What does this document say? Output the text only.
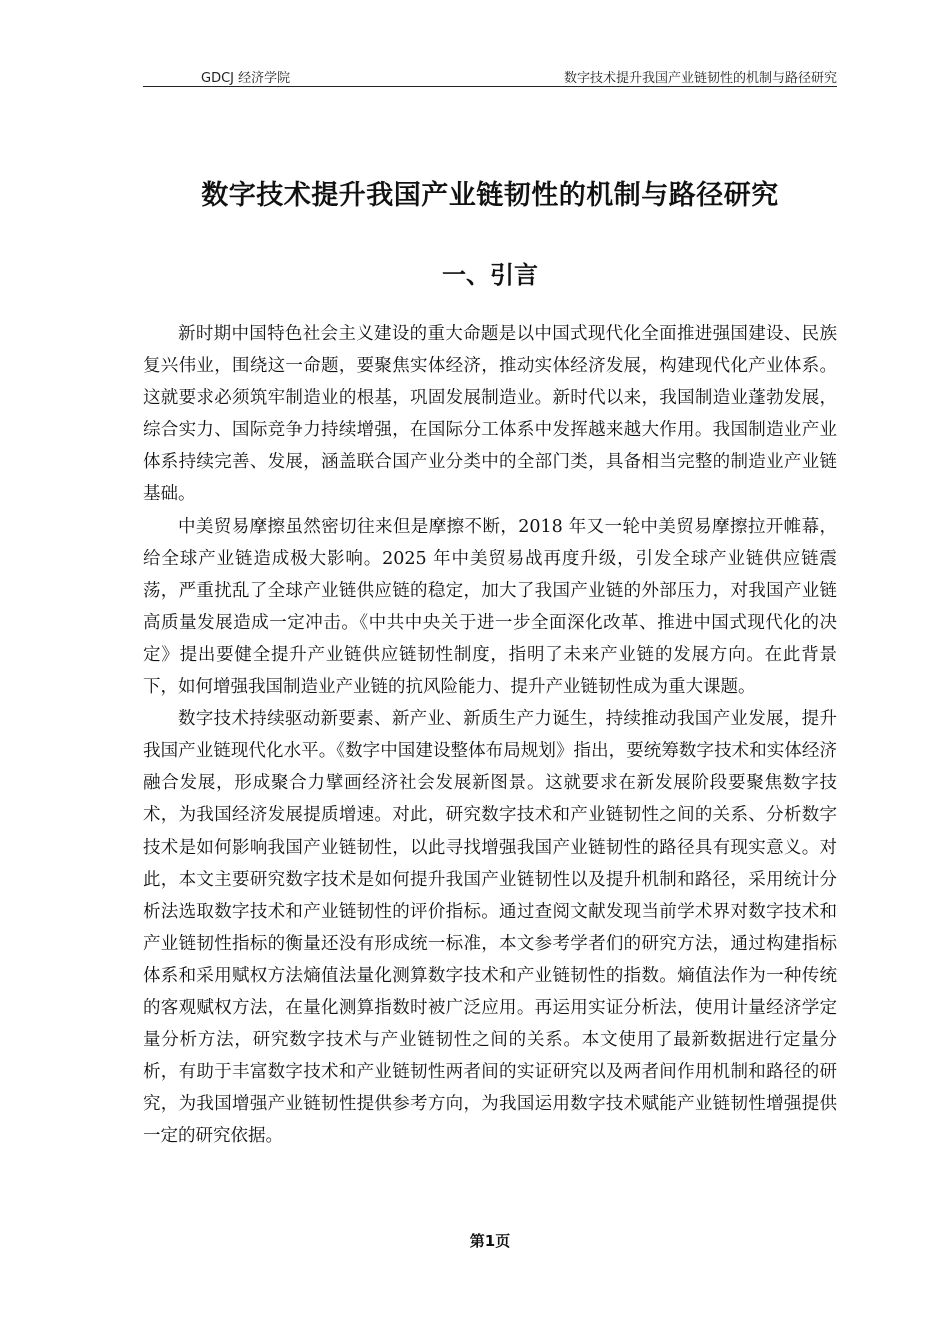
GDCJ 经济学院	数字技术提升我国产业链韧性的机制与路径研究
数字技术提升我国产业链韧性的机制与路径研究
一、引言

新时期中国特色社会主义建设的重大命题是以中国式现代化全面推进强国建设、民族复兴伟业，围绕这一命题，要聚焦实体经济，推动实体经济发展，构建现代化产业体系。这就要求必须筑牢制造业的根基，巩固发展制造业。新时代以来，我国制造业蓬勃发展，综合实力、国际竞争力持续增强，在国际分工体系中发挥越来越大作用。我国制造业产业体系持续完善、发展，涵盖联合国产业分类中的全部门类，具备相当完整的制造业产业链基础。

中美贸易摩擦虽然密切往来但是摩擦不断，2018 年又一轮中美贸易摩擦拉开帷幕，给全球产业链造成极大影响。2025 年中美贸易战再度升级，引发全球产业链供应链震荡，严重扰乱了全球产业链供应链的稳定，加大了我国产业链的外部压力，对我国产业链高质量发展造成一定冲击。《中共中央关于进一步全面深化改革、推进中国式现代化的决定》提出要健全提升产业链供应链韧性制度，指明了未来产业链的发展方向。在此背景下，如何增强我国制造业产业链的抗风险能力、提升产业链韧性成为重大课题。

数字技术持续驱动新要素、新产业、新质生产力诞生，持续推动我国产业发展，提升我国产业链现代化水平。《数字中国建设整体布局规划》指出，要统筹数字技术和实体经济融合发展，形成聚合力擘画经济社会发展新图景。这就要求在新发展阶段要聚焦数字技术，为我国经济发展提质增速。对此，研究数字技术和产业链韧性之间的关系、分析数字技术是如何影响我国产业链韧性，以此寻找增强我国产业链韧性的路径具有现实意义。对此，本文主要研究数字技术是如何提升我国产业链韧性以及提升机制和路径，采用统计分析法选取数字技术和产业链韧性的评价指标。通过查阅文献发现当前学术界对数字技术和产业链韧性指标的衡量还没有形成统一标准，本文参考学者们的研究方法，通过构建指标体系和采用赋权方法熵值法量化测算数字技术和产业链韧性的指数。熵值法作为一种传统的客观赋权方法，在量化测算指数时被广泛应用。再运用实证分析法，使用计量经济学定量分析方法，研究数字技术与产业链韧性之间的关系。本文使用了最新数据进行定量分析，有助于丰富数字技术和产业链韧性两者间的实证研究以及两者间作用机制和路径的研究，为我国增强产业链韧性提供参考方向，为我国运用数字技术赋能产业链韧性增强提供一定的研究依据。

第1页
